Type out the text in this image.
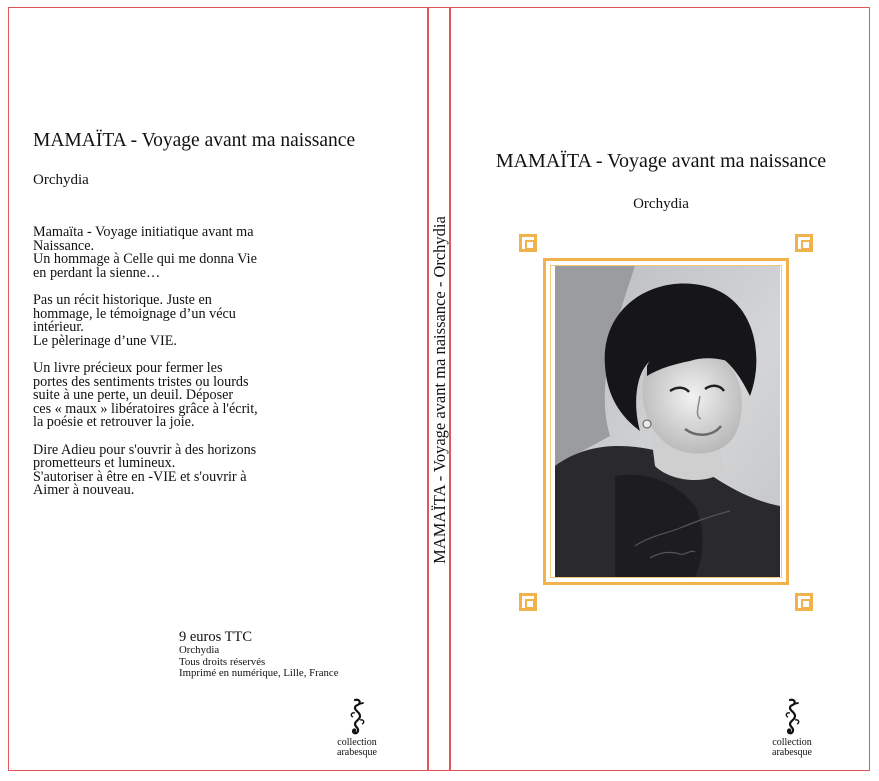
MAMAÏTA - Voyage avant ma naissance
Orchydia

Mamaïta - Voyage initiatique avant ma
Naissance.
Un hommage à Celle qui me donna Vie
en perdant la sienne…

Pas un récit historique. Juste en
hommage, le témoignage d’un vécu
intérieur.
Le pèlerinage d’une VIE.

Un livre précieux pour fermer les
portes des sentiments tristes ou lourds
suite à une perte, un deuil. Déposer
ces « maux » libératoires grâce à l'écrit,
la poésie et retrouver la joie.

Dire Adieu pour s'ouvrir à des horizons
prometteurs et lumineux.
S'autoriser à être en -VIE et s'ouvrir à
Aimer à nouveau.

9 euros TTC
Orchydia
Tous droits réservés
Imprimé en numérique, Lille, France
collection
arabesque
MAMAÏTA - Voyage avant ma naissance - Orchydia
MAMAÏTA - Voyage avant ma naissance
Orchydia
collection
arabesque
